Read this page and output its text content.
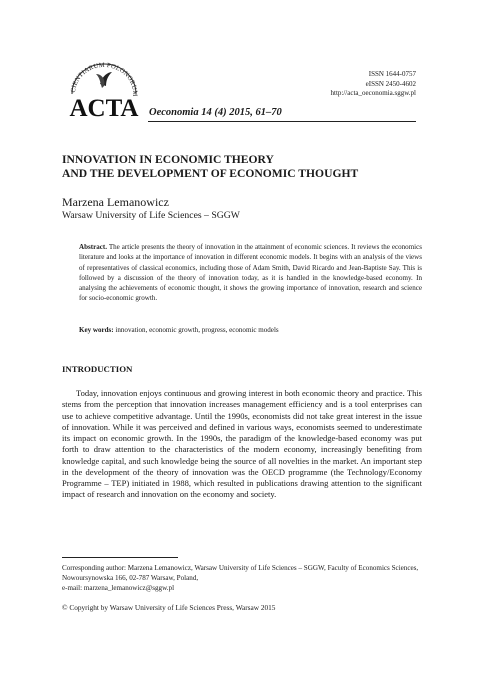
CIENTIARUM POLONORUM
ACTA
ISSN 1644-0757
eISSN 2450-4602
http://acta_oeconomia.sggw.pl
Oeconomia 14 (4) 2015, 61–70
INNOVATION IN ECONOMIC THEORY
AND THE DEVELOPMENT OF ECONOMIC THOUGHT
Marzena Lemanowicz
Warsaw University of Life Sciences – SGGW
Abstract. The article presents the theory of innovation in the attainment of economic sciences. It reviews the economics literature and looks at the importance of innovation in different economic models. It begins with an analysis of the views of representatives of classical economics, including those of Adam Smith, David Ricardo and Jean-Baptiste Say. This is followed by a discussion of the theory of innovation today, as it is handled in the knowledge-based economy. In analysing the achievements of economic thought, it shows the growing importance of innovation, research and science for socio-economic growth.
Key words: innovation, economic growth, progress, economic models
INTRODUCTION
Today, innovation enjoys continuous and growing interest in both economic theory and practice. This stems from the perception that innovation increases management efficiency and is a tool enterprises can use to achieve competitive advantage. Until the 1990s, economists did not take great interest in the issue of innovation. While it was perceived and defined in various ways, economists seemed to underestimate its impact on economic growth. In the 1990s, the paradigm of the knowledge-based economy was put forth to draw attention to the characteristics of the modern economy, increasingly benefiting from knowledge capital, and such knowledge being the source of all novelties in the market. An important step in the development of the theory of innovation was the OECD programme (the Technology/Economy Programme – TEP) initiated in 1988, which resulted in publications drawing attention to the significant impact of research and innovation on the economy and society.
Corresponding author: Marzena Lemanowicz, Warsaw University of Life Sciences – SGGW, Faculty of Economics Sciences, Nowoursynowska 166, 02-787 Warsaw, Poland,
e-mail: marzena_lemanowicz@sggw.pl
© Copyright by Warsaw University of Life Sciences Press, Warsaw 2015
